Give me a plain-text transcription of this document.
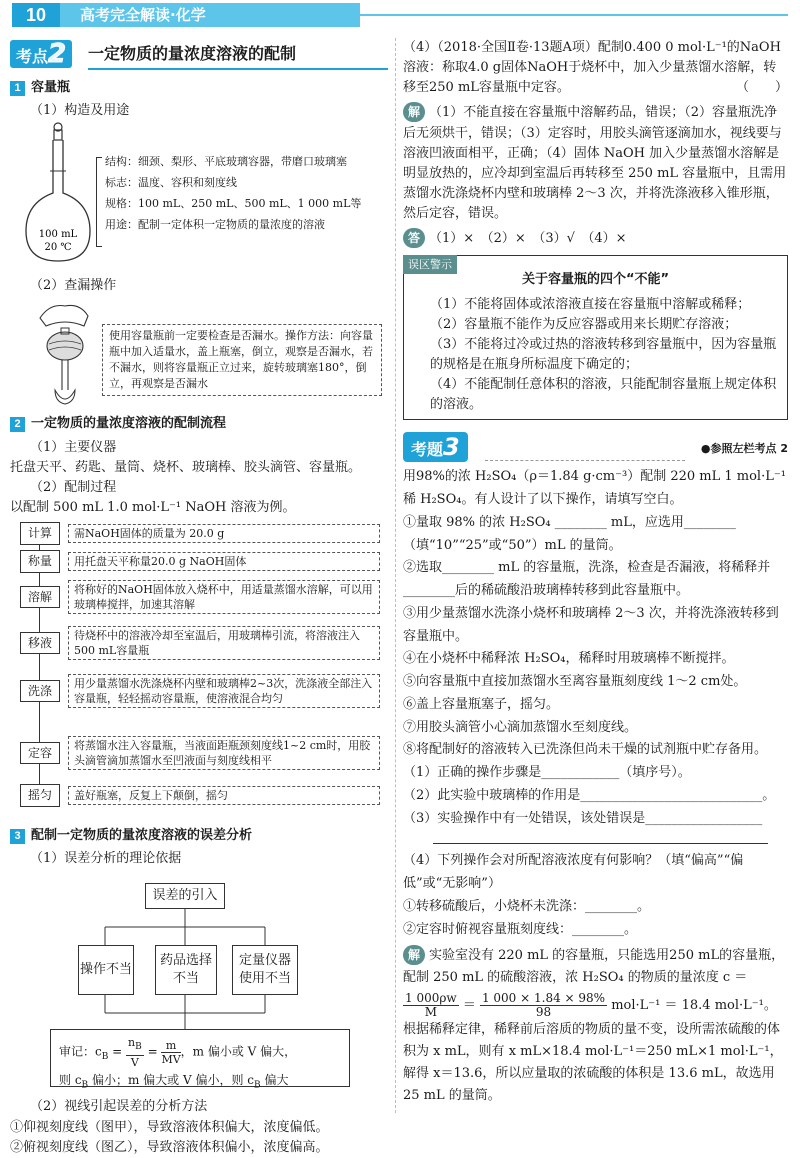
10	高考完全解读·化学
考点2	一定物质的量浓度溶液的配制
1 容量瓶
（1）构造及用途
100 mL
20 ℃
结构：细颈、梨形、平底玻璃容器，带磨口玻璃塞
标志：温度、容积和刻度线
规格：100 mL、250 mL、500 mL、1 000 mL等
用途：配制一定体积一定物质的量浓度的溶液
（2）查漏操作
使用容量瓶前一定要检查是否漏水。操作方法：向容量瓶中加入适量水，盖上瓶塞，倒立，观察是否漏水，若不漏水，则将容量瓶正立过来，旋转玻璃塞180°，倒立，再观察是否漏水
2 一定物质的量浓度溶液的配制流程
（1）主要仪器
托盘天平、药匙、量筒、烧杯、玻璃棒、胶头滴管、容量瓶。
（2）配制过程
以配制 500 mL 1.0 mol·L⁻¹ NaOH 溶液为例。
计算	需NaOH固体的质量为 20.0 g
称量	用托盘天平称量20.0 g NaOH固体
溶解
将称好的NaOH固体放入烧杯中，用适量蒸馏水溶解，可以用玻璃棒搅拌，加速其溶解
移液
待烧杯中的溶液冷却至室温后，用玻璃棒引流，将溶液注入500 mL容量瓶
洗涤
用少量蒸馏水洗涤烧杯内壁和玻璃棒2~3次，洗涤液全部注入容量瓶，轻轻摇动容量瓶，使溶液混合均匀
定容
将蒸馏水注入容量瓶，当液面距瓶颈刻度线1~2 cm时，用胶头滴管滴加蒸馏水至凹液面与刻度线相平
摇匀	盖好瓶塞，反复上下颠倒，摇匀
3 配制一定物质的量浓度溶液的误差分析
（1）误差分析的理论依据
误差的引入
操作不当
药品选择
不当
定量仪器
使用不当
审记：$c_B = \frac{n_B}{V} = \frac{m}{MV}$ ，m 偏小或 V 偏大，
则 $c_B$ 偏小；m 偏大或 V 偏小，则 $c_B$ 偏大
（2）视线引起误差的分析方法
①仰视刻度线（图甲），导致溶液体积偏大，浓度偏低。
②俯视刻度线（图乙），导致溶液体积偏小，浓度偏高。
（4）（2018·全国Ⅱ卷·13题A项）配制0.400 0 mol·L⁻¹的NaOH溶液：称取4.0 g固体NaOH于烧杯中，加入少量蒸馏水溶解，转移至250 mL容量瓶中定容。	（　　）
解 （1）不能直接在容量瓶中溶解药品，错误；（2）容量瓶洗净后无须烘干，错误；（3）定容时，用胶头滴管逐滴加水，视线要与溶液凹液面相平，正确；（4）固体 NaOH 加入少量蒸馏水溶解是明显放热的，应冷却到室温后再转移至 250 mL 容量瓶中，且需用蒸馏水洗涤烧杯内壁和玻璃棒 2～3 次，并将洗涤液移入锥形瓶，然后定容，错误。
答 （1）×　（2）×　（3）√　（4）×
误区警示
关于容量瓶的四个“不能”
（1）不能将固体或浓溶液直接在容量瓶中溶解或稀释；
（2）容量瓶不能作为反应容器或用来长期贮存溶液；
（3）不能将过冷或过热的溶液转移到容量瓶中，因为容量瓶的规格是在瓶身所标温度下确定的；
（4）不能配制任意体积的溶液，只能配制容量瓶上规定体积的溶液。
考题3	●参照左栏考点 2
用98%的浓 H₂SO₄（ρ＝1.84 g·cm⁻³）配制 220 mL 1 mol·L⁻¹ 稀 H₂SO₄。有人设计了以下操作，请填写空白。
①量取 98% 的浓 H₂SO₄ ________ mL，应选用________（填“10”“25”或“50”）mL 的量筒。
②选取________ mL 的容量瓶，洗涤，检查是否漏液，将稀释并________后的稀硫酸沿玻璃棒转移到此容量瓶中。
③用少量蒸馏水洗涤小烧杯和玻璃棒 2～3 次，并将洗涤液转移到容量瓶中。
④在小烧杯中稀释浓 H₂SO₄，稀释时用玻璃棒不断搅拌。
⑤向容量瓶中直接加蒸馏水至离容量瓶刻度线 1～2 cm处。
⑥盖上容量瓶塞子，摇匀。
⑦用胶头滴管小心滴加蒸馏水至刻度线。
⑧将配制好的溶液转入已洗涤但尚未干燥的试剂瓶中贮存备用。
（1）正确的操作步骤是____________（填序号）。
（2）此实验中玻璃棒的作用是____________________________。
（3）实验操作中有一处错误，该处错误是__________________
（4）下列操作会对所配溶液浓度有何影响？（填“偏高”“偏低”或“无影响”）
①转移硫酸后，小烧杯未洗涤：________。
②定容时俯视容量瓶刻度线：________。
解 实验室没有 220 mL 的容量瓶，只能选用250 mL的容量瓶，配制 250 mL 的硫酸溶液，浓 H₂SO₄ 的物质的量浓度 c ＝
$\frac{1 000\rho w}{M} = \frac{1 000 \times 1.84 \times 98\%}{98} mol\cdot L^{-1} = 18.4$ mol·L⁻¹。
根据稀释定律，稀释前后溶质的物质的量不变，设所需浓硫酸的体积为 x mL，则有 x mL×18.4 mol·L⁻¹＝250 mL×1 mol·L⁻¹，解得 x＝13.6，所以应量取的浓硫酸的体积是 13.6 mL，故选用 25 mL 的量筒。
